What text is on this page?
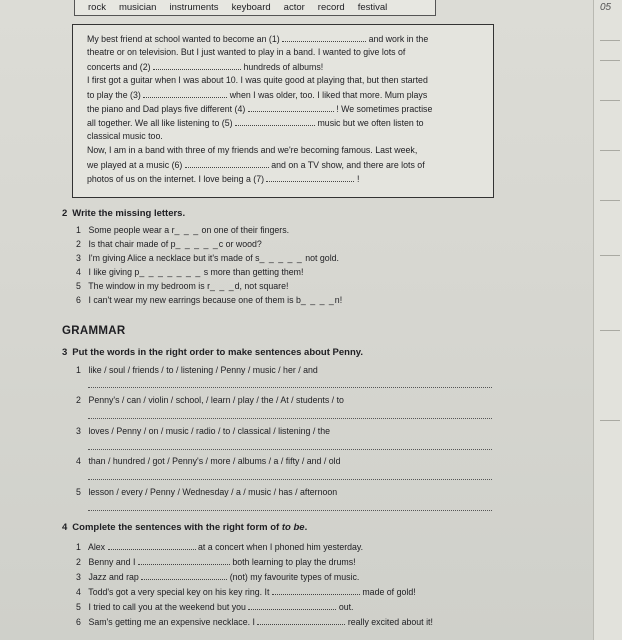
05
rock musician instruments keyboard actor record festival
My best friend at school wanted to become an (1)	and work in the
theatre or on television. But I just wanted to play in a band. I wanted to give lots of
concerts and (2)	hundreds of albums!
I first got a guitar when I was about 10. I was quite good at playing that, but then started
to play the (3)	when I was older, too. I liked that more. Mum plays
the piano and Dad plays five different (4)	! We sometimes practise
all together. We all like listening to (5)	music but we often listen to
classical music too.
Now, I am in a band with three of my friends and we're becoming famous. Last week,
we played at a music (6)	and on a TV show, and there are lots of
photos of us on the internet. I love being a (7)	!
2 Write the missing letters.
1 Some people wear a r_ _ _ on one of their fingers.
2 Is that chair made of p_ _ _ _ _c or wood?
3 I'm giving Alice a necklace but it's made of s_ _ _ _ _ not gold.
4 I like giving p_ _ _ _ _ _ _ s more than getting them!
5 The window in my bedroom is r_ _ _d, not square!
6 I can't wear my new earrings because one of them is b_ _ _ _n!
GRAMMAR
3 Put the words in the right order to make sentences about Penny.
1 like / soul / friends / to / listening / Penny / music / her / and
2 Penny's / can / violin / school, / learn / play / the / At / students / to
3 loves / Penny / on / music / radio / to / classical / listening / the
4 than / hundred / got / Penny's / more / albums / a / fifty / and / old
5 lesson / every / Penny / Wednesday / a / music / has / afternoon
4 Complete the sentences with the right form of to be.
1 Alex	at a concert when I phoned him yesterday.
2 Benny and I	both learning to play the drums!
3 Jazz and rap	(not) my favourite types of music.
4 Todd's got a very special key on his key ring. It	made of gold!
5 I tried to call you at the weekend but you	out.
6 Sam's getting me an expensive necklace. I	really excited about it!
